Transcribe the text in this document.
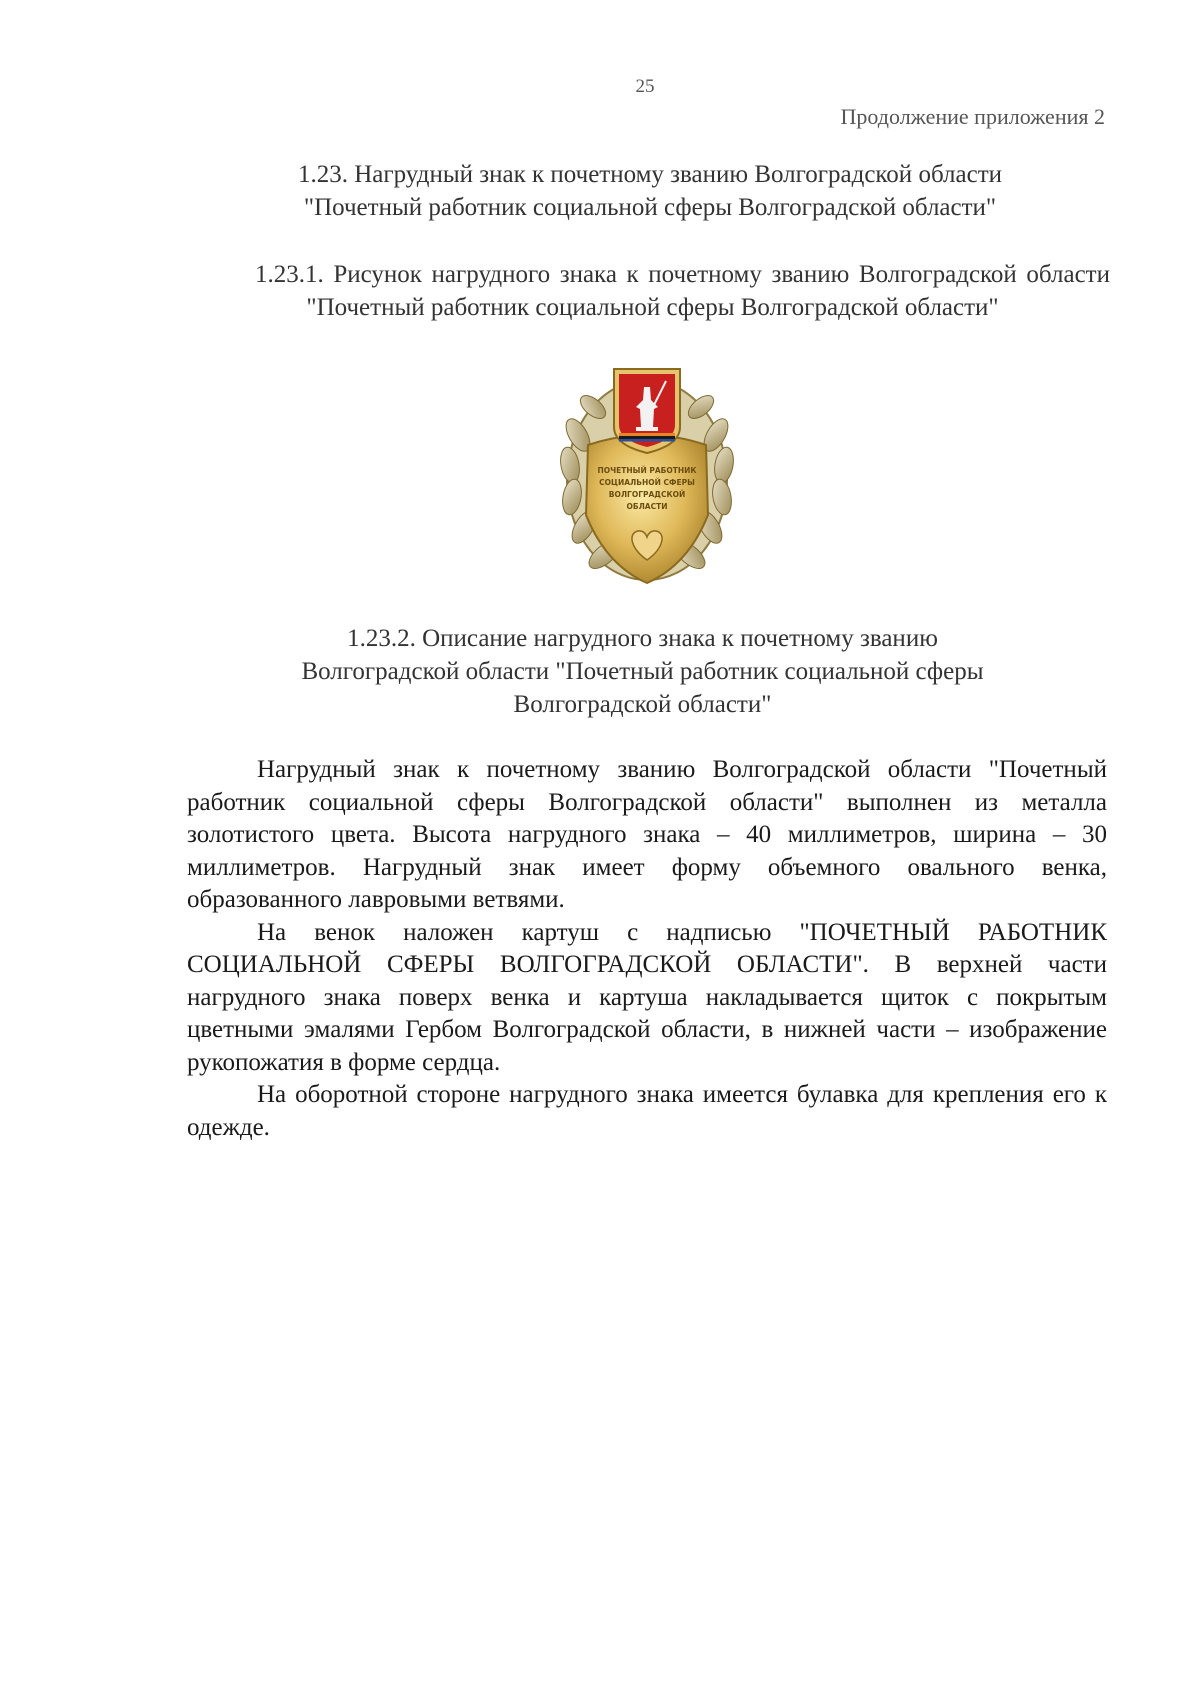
25
Продолжение приложения 2
1.23. Нагрудный знак к почетному званию Волгоградской области
"Почетный работник социальной сферы Волгоградской области"
1.23.1. Рисунок нагрудного знака к почетному званию Волгоградской области "Почетный работник социальной сферы Волгоградской области"
ПОЧЕТНЫЙ РАБОТНИК
СОЦИАЛЬНОЙ СФЕРЫ
ВОЛГОГРАДСКОЙ
ОБЛАСТИ
1.23.2. Описание нагрудного знака к почетному званию
Волгоградской области "Почетный работник социальной сферы
Волгоградской области"

Нагрудный знак к почетному званию Волгоградской области "Почетный работник социальной сферы Волгоградской области" выполнен из металла золотистого цвета. Высота нагрудного знака – 40 миллиметров, ширина – 30 миллиметров. Нагрудный знак имеет форму объемного овального венка, образованного лавровыми ветвями.

На венок наложен картуш с надписью "ПОЧЕТНЫЙ РАБОТНИК СОЦИАЛЬНОЙ СФЕРЫ ВОЛГОГРАДСКОЙ ОБЛАСТИ". В верхней части нагрудного знака поверх венка и картуша накладывается щиток с покрытым цветными эмалями Гербом Волгоградской области, в нижней части – изображение рукопожатия в форме сердца.

На оборотной стороне нагрудного знака имеется булавка для крепления его к одежде.
